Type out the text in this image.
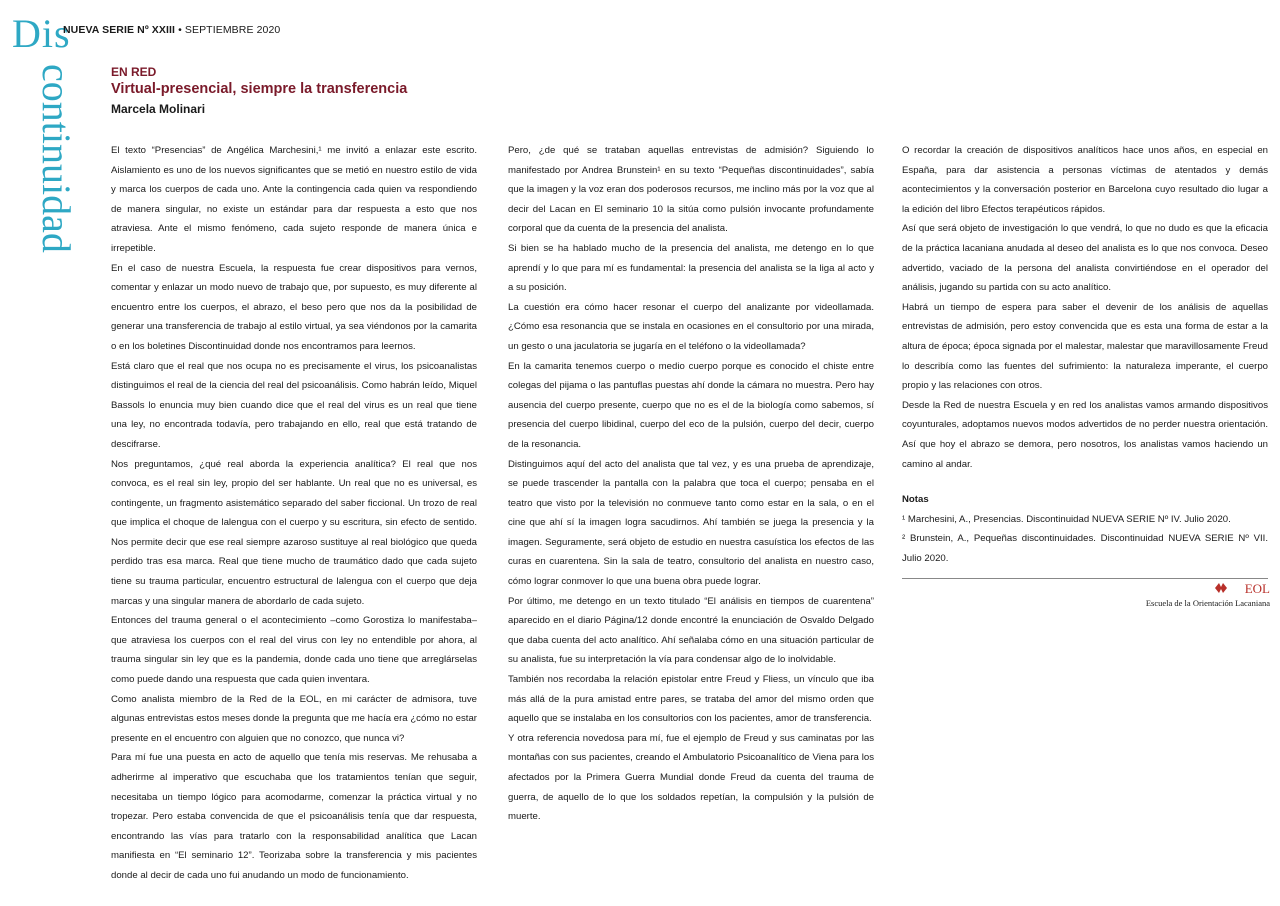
Dis
continuidad
NUEVA SERIE Nº XXIII • SEPTIEMBRE 2020
EN RED
Virtual-presencial, siempre la transferencia
Marcela Molinari

El texto “Presencias” de Angélica Marchesini,¹ me invitó a enlazar este escrito. Aislamiento es uno de los nuevos significantes que se metió en nuestro estilo de vida y marca los cuerpos de cada uno. Ante la contingencia cada quien va respondiendo de manera singular, no existe un estándar para dar respuesta a esto que nos atraviesa. Ante el mismo fenómeno, cada sujeto responde de manera única e irrepetible.

En el caso de nuestra Escuela, la respuesta fue crear dispositivos para vernos, comentar y enlazar un modo nuevo de trabajo que, por supuesto, es muy diferente al encuentro entre los cuerpos, el abrazo, el beso pero que nos da la posibilidad de generar una transferencia de trabajo al estilo virtual, ya sea viéndonos por la camarita o en los boletines Discontinuidad donde nos encontramos para leernos.

Está claro que el real que nos ocupa no es precisamente el virus, los psicoanalistas distinguimos el real de la ciencia del real del psicoanálisis. Como habrán leído, Miquel Bassols lo enuncia muy bien cuando dice que el real del virus es un real que tiene una ley, no encontrada todavía, pero trabajando en ello, real que está tratando de descifrarse.

Nos preguntamos, ¿qué real aborda la experiencia analítica? El real que nos convoca, es el real sin ley, propio del ser hablante. Un real que no es universal, es contingente, un fragmento asistemático separado del saber ficcional. Un trozo de real que implica el choque de lalengua con el cuerpo y su escritura, sin efecto de sentido. Nos permite decir que ese real siempre azaroso sustituye al real biológico que queda perdido tras esa marca. Real que tiene mucho de traumático dado que cada sujeto tiene su trauma particular, encuentro estructural de lalengua con el cuerpo que deja marcas y una singular manera de abordarlo de cada sujeto.

Entonces del trauma general o el acontecimiento –como Gorostiza lo manifestaba– que atraviesa los cuerpos con el real del virus con ley no entendible por ahora, al trauma singular sin ley que es la pandemia, donde cada uno tiene que arreglárselas como puede dando una respuesta que cada quien inventara.

Como analista miembro de la Red de la EOL, en mi carácter de admisora, tuve algunas entrevistas estos meses donde la pregunta que me hacía era ¿cómo no estar presente en el encuentro con alguien que no conozco, que nunca vi?

Para mí fue una puesta en acto de aquello que tenía mis reservas. Me rehusaba a adherirme al imperativo que escuchaba que los tratamientos tenían que seguir, necesitaba un tiempo lógico para acomodarme, comenzar la práctica virtual y no tropezar. Pero estaba convencida de que el psicoanálisis tenía que dar respuesta, encontrando las vías para tratarlo con la responsabilidad analítica que Lacan manifiesta en “El seminario 12”. Teorizaba sobre la transferencia y mis pacientes donde al decir de cada uno fui anudando un modo de funcionamiento.

Pero, ¿de qué se trataban aquellas entrevistas de admisión? Siguiendo lo manifestado por Andrea Brunstein¹ en su texto “Pequeñas discontinuidades”, sabía que la imagen y la voz eran dos poderosos recursos, me inclino más por la voz que al decir del Lacan en El seminario 10 la sitúa como pulsión invocante profundamente corporal que da cuenta de la presencia del analista.

Si bien se ha hablado mucho de la presencia del analista, me detengo en lo que aprendí y lo que para mí es fundamental: la presencia del analista se la liga al acto y a su posición.

La cuestión era cómo hacer resonar el cuerpo del analizante por videollamada. ¿Cómo esa resonancia que se instala en ocasiones en el consultorio por una mirada, un gesto o una jaculatoria se jugaría en el teléfono o la videollamada?

En la camarita tenemos cuerpo o medio cuerpo porque es conocido el chiste entre colegas del pijama o las pantuflas puestas ahí donde la cámara no muestra. Pero hay ausencia del cuerpo presente, cuerpo que no es el de la biología como sabemos, sí presencia del cuerpo libidinal, cuerpo del eco de la pulsión, cuerpo del decir, cuerpo de la resonancia.

Distinguimos aquí del acto del analista que tal vez, y es una prueba de aprendizaje, se puede trascender la pantalla con la palabra que toca el cuerpo; pensaba en el teatro que visto por la televisión no conmueve tanto como estar en la sala, o en el cine que ahí sí la imagen logra sacudirnos. Ahí también se juega la presencia y la imagen. Seguramente, será objeto de estudio en nuestra casuística los efectos de las curas en cuarentena. Sin la sala de teatro, consultorio del analista en nuestro caso, cómo lograr conmover lo que una buena obra puede lograr.

Por último, me detengo en un texto titulado “El análisis en tiempos de cuarentena” aparecido en el diario Página/12 donde encontré la enunciación de Osvaldo Delgado que daba cuenta del acto analítico. Ahí señalaba cómo en una situación particular de su analista, fue su interpretación la vía para condensar algo de lo inolvidable.

También nos recordaba la relación epistolar entre Freud y Fliess, un vínculo que iba más allá de la pura amistad entre pares, se trataba del amor del mismo orden que aquello que se instalaba en los consultorios con los pacientes, amor de transferencia.

Y otra referencia novedosa para mí, fue el ejemplo de Freud y sus caminatas por las montañas con sus pacientes, creando el Ambulatorio Psicoanalítico de Viena para los afectados por la Primera Guerra Mundial donde Freud da cuenta del trauma de guerra, de aquello de lo que los soldados repetían, la compulsión y la pulsión de muerte.

O recordar la creación de dispositivos analíticos hace unos años, en especial en España, para dar asistencia a personas víctimas de atentados y demás acontecimientos y la conversación posterior en Barcelona cuyo resultado dio lugar a la edición del libro Efectos terapéuticos rápidos.

Así que será objeto de investigación lo que vendrá, lo que no dudo es que la eficacia de la práctica lacaniana anudada al deseo del analista es lo que nos convoca. Deseo advertido, vaciado de la persona del analista convirtiéndose en el operador del análisis, jugando su partida con su acto analítico.

Habrá un tiempo de espera para saber el devenir de los análisis de aquellas entrevistas de admisión, pero estoy convencida que es esta una forma de estar a la altura de época; época signada por el malestar, malestar que maravillosamente Freud lo describía como las fuentes del sufrimiento: la naturaleza imperante, el cuerpo propio y las relaciones con otros.

Desde la Red de nuestra Escuela y en red los analistas vamos armando dispositivos coyunturales, adoptamos nuevos modos advertidos de no perder nuestra orientación. Así que hoy el abrazo se demora, pero nosotros, los analistas vamos haciendo un camino al andar.

Notas

¹ Marchesini, A., Presencias. Discontinuidad NUEVA SERIE Nº IV. Julio 2020.

² Brunstein, A., Pequeñas discontinuidades. Discontinuidad NUEVA SERIE Nº VII. Julio 2020.

EOL
Escuela de la Orientación Lacaniana
